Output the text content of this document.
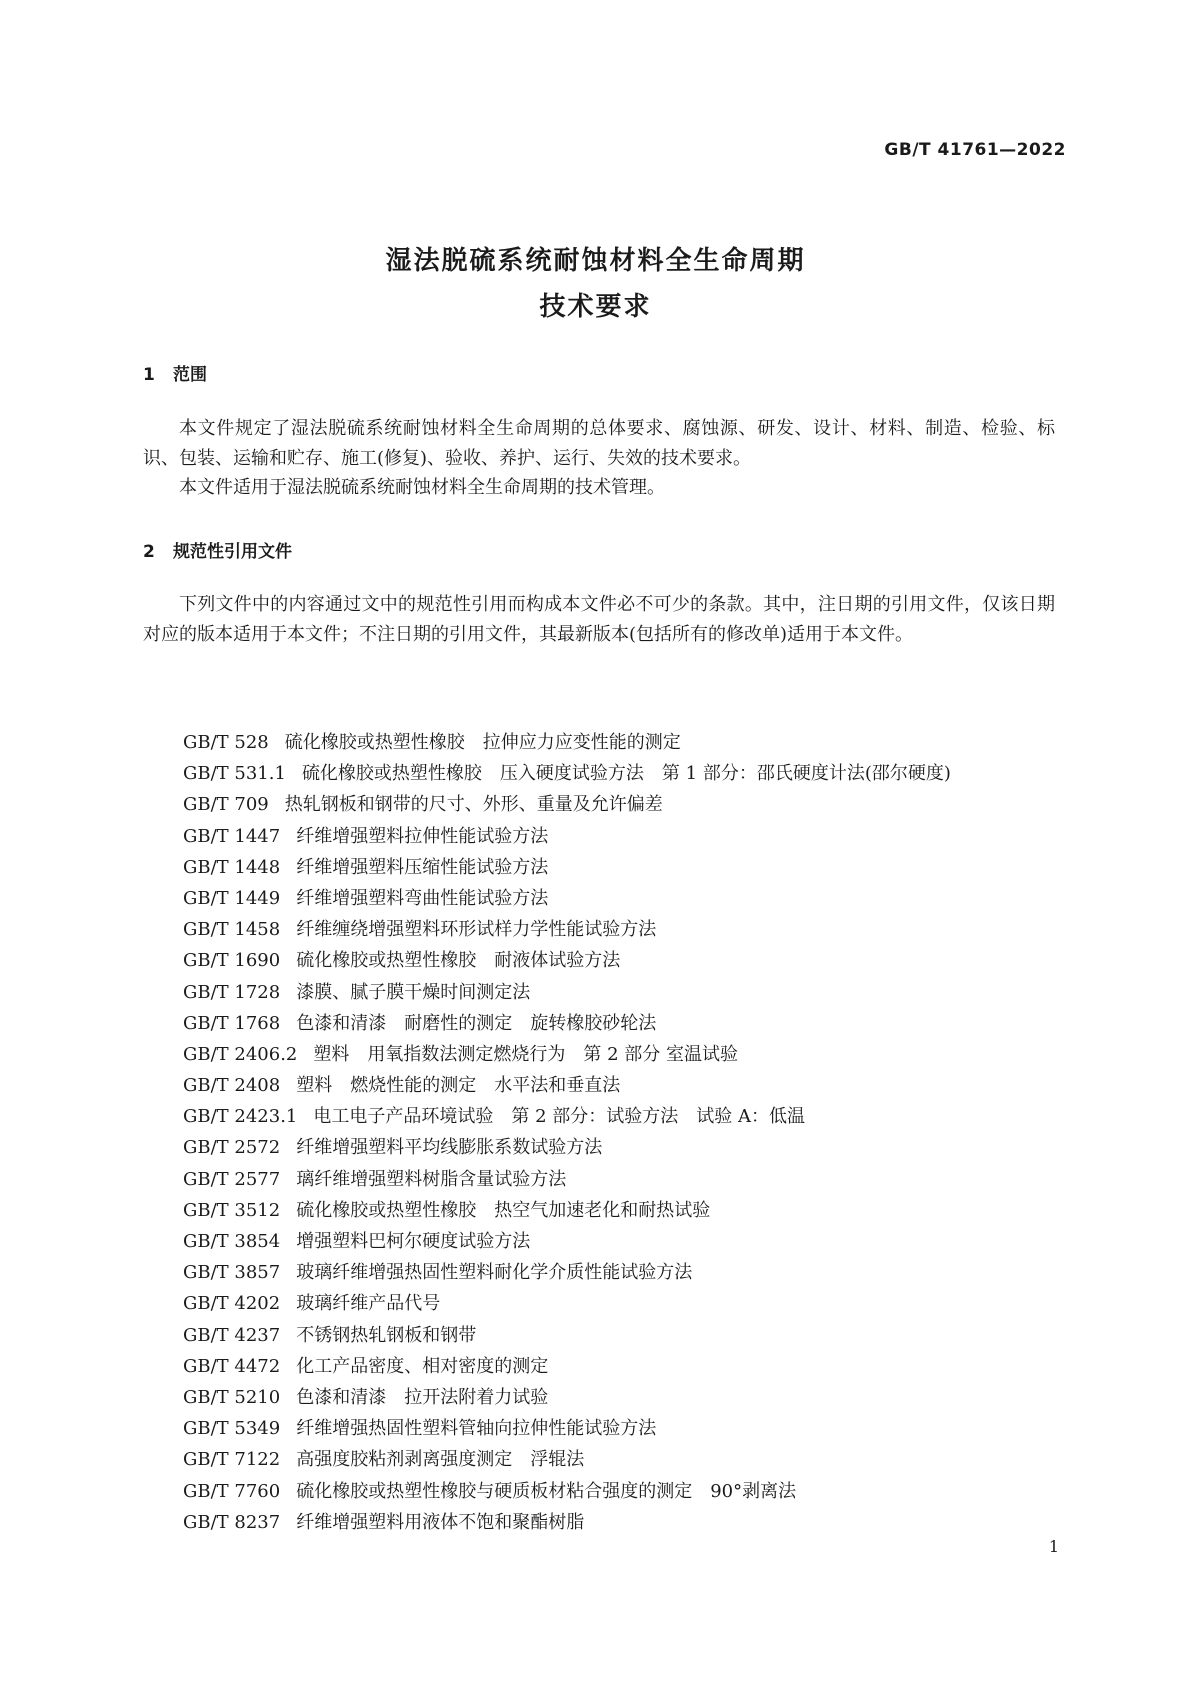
GB/T 41761—2022
湿法脱硫系统耐蚀材料全生命周期
技术要求
1 范围
本文件规定了湿法脱硫系统耐蚀材料全生命周期的总体要求、腐蚀源、研发、设计、材料、制造、检验、标识、包装、运输和贮存、施工(修复)、验收、养护、运行、失效的技术要求。
本文件适用于湿法脱硫系统耐蚀材料全生命周期的技术管理。
2 规范性引用文件
下列文件中的内容通过文中的规范性引用而构成本文件必不可少的条款。其中，注日期的引用文件，仅该日期对应的版本适用于本文件；不注日期的引用文件，其最新版本(包括所有的修改单)适用于本文件。
GB/T 528 硫化橡胶或热塑性橡胶　拉伸应力应变性能的测定
GB/T 531.1 硫化橡胶或热塑性橡胶　压入硬度试验方法　第 1 部分：邵氏硬度计法(邵尔硬度)
GB/T 709 热轧钢板和钢带的尺寸、外形、重量及允许偏差
GB/T 1447 纤维增强塑料拉伸性能试验方法
GB/T 1448 纤维增强塑料压缩性能试验方法
GB/T 1449 纤维增强塑料弯曲性能试验方法
GB/T 1458 纤维缠绕增强塑料环形试样力学性能试验方法
GB/T 1690 硫化橡胶或热塑性橡胶　耐液体试验方法
GB/T 1728 漆膜、腻子膜干燥时间测定法
GB/T 1768 色漆和清漆　耐磨性的测定　旋转橡胶砂轮法
GB/T 2406.2 塑料　用氧指数法测定燃烧行为　第 2 部分 室温试验
GB/T 2408 塑料　燃烧性能的测定　水平法和垂直法
GB/T 2423.1 电工电子产品环境试验　第 2 部分：试验方法　试验 A：低温
GB/T 2572 纤维增强塑料平均线膨胀系数试验方法
GB/T 2577 璃纤维增强塑料树脂含量试验方法
GB/T 3512 硫化橡胶或热塑性橡胶　热空气加速老化和耐热试验
GB/T 3854 增强塑料巴柯尔硬度试验方法
GB/T 3857 玻璃纤维增强热固性塑料耐化学介质性能试验方法
GB/T 4202 玻璃纤维产品代号
GB/T 4237 不锈钢热轧钢板和钢带
GB/T 4472 化工产品密度、相对密度的测定
GB/T 5210 色漆和清漆　拉开法附着力试验
GB/T 5349 纤维增强热固性塑料管轴向拉伸性能试验方法
GB/T 7122 高强度胶粘剂剥离强度测定　浮辊法
GB/T 7760 硫化橡胶或热塑性橡胶与硬质板材粘合强度的测定　90°剥离法
GB/T 8237 纤维增强塑料用液体不饱和聚酯树脂
1
